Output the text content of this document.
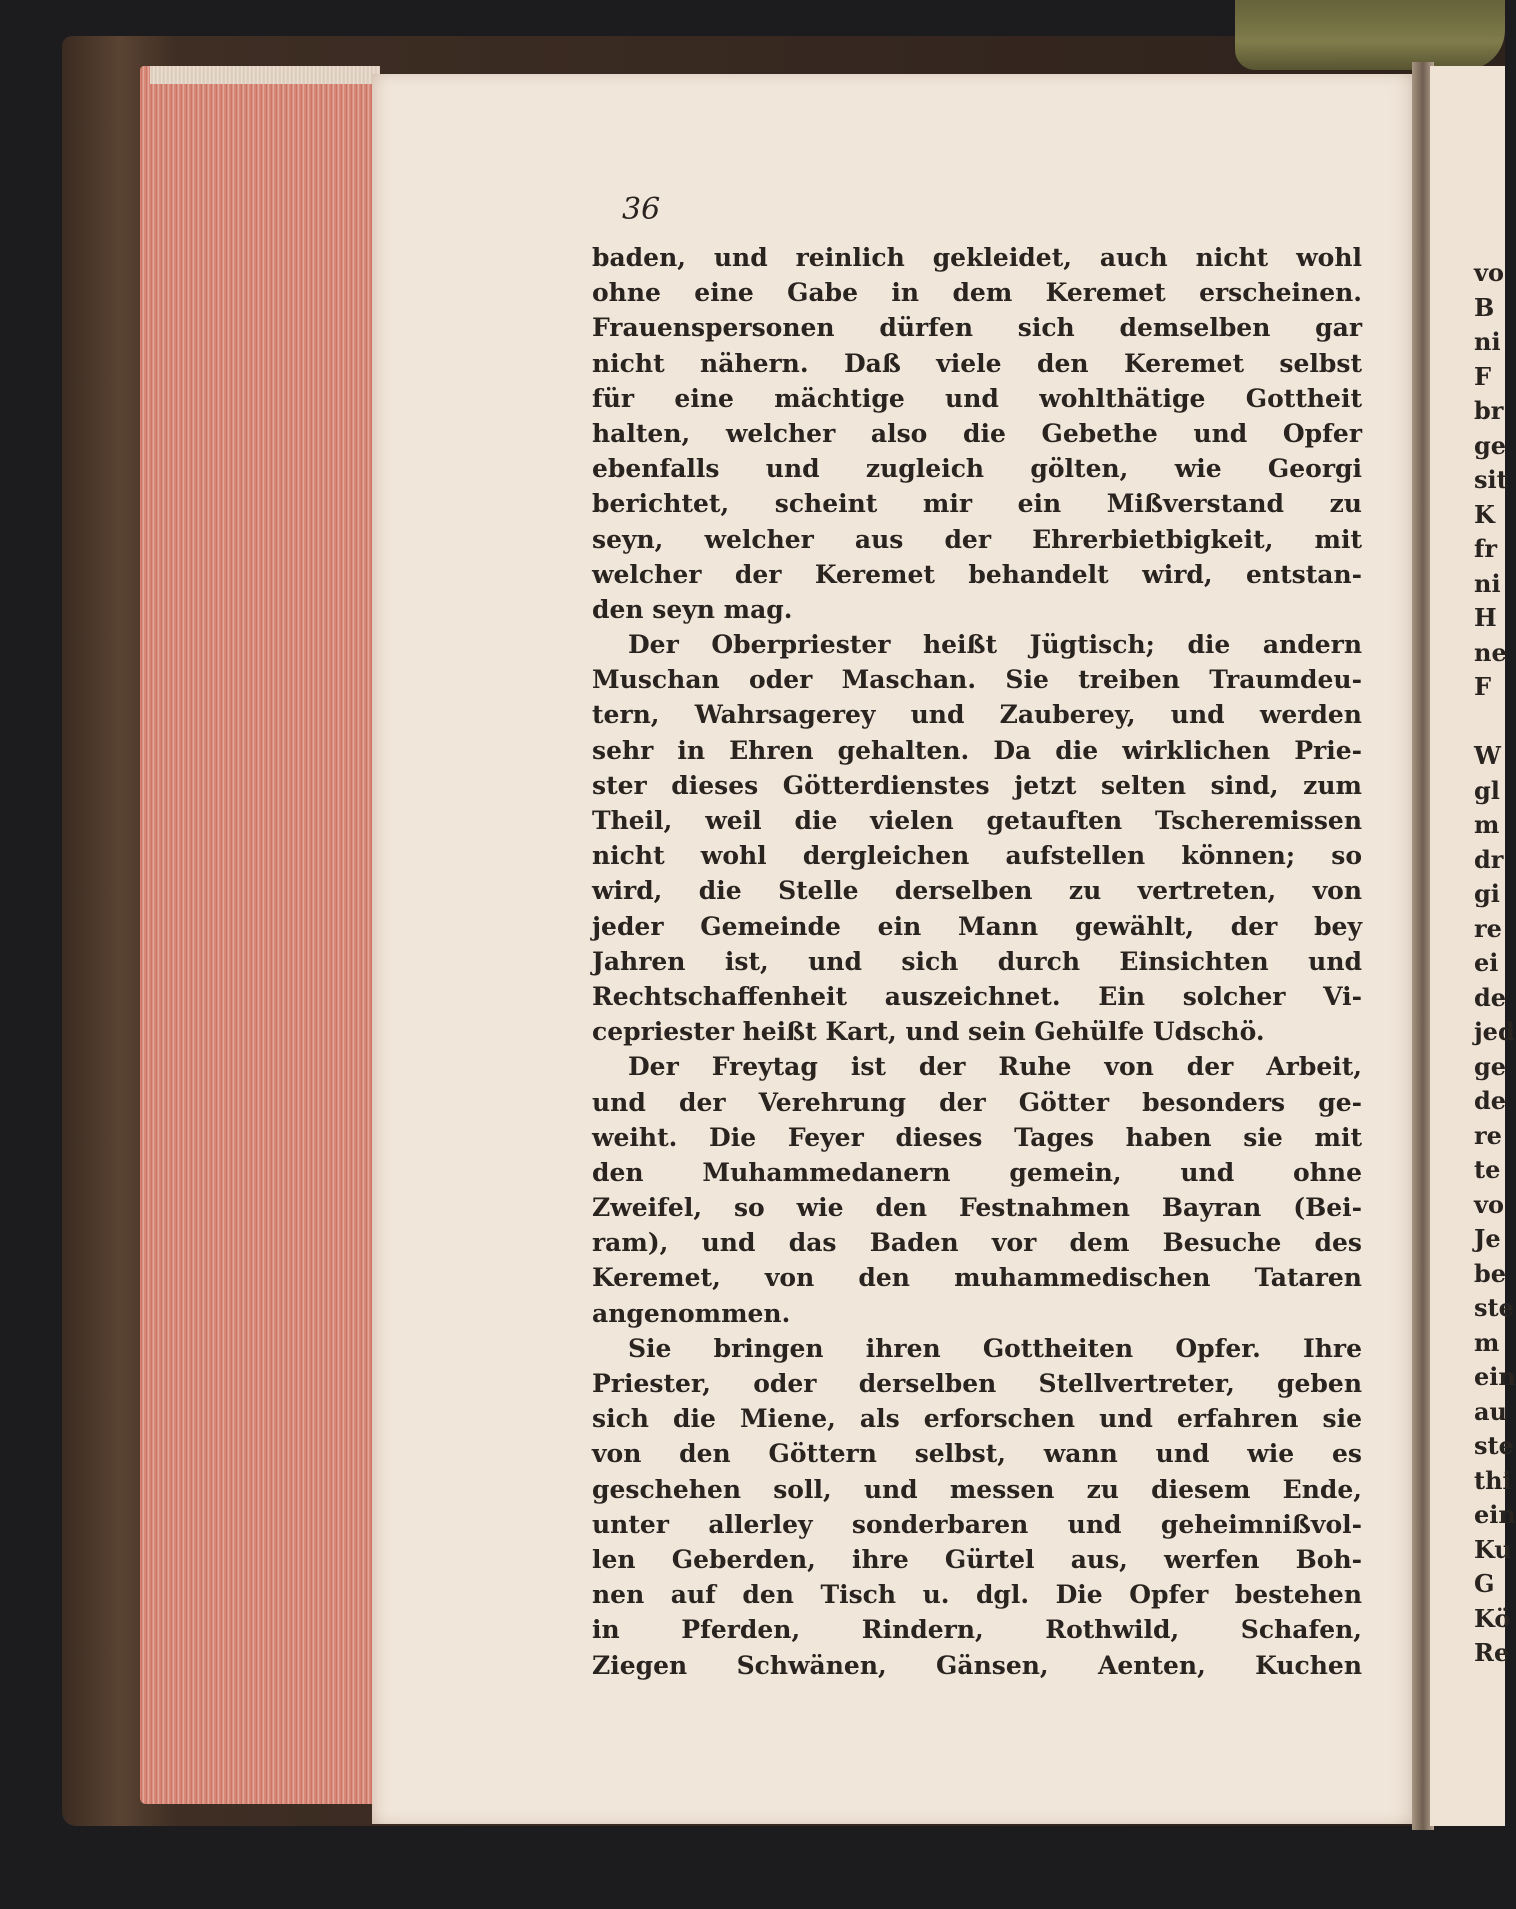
36
baden, und reinlich gekleidet, auch nicht wohl
ohne eine Gabe in dem Keremet erscheinen.
Frauenspersonen dürfen sich demselben gar
nicht nähern. Daß viele den Keremet selbst
für eine mächtige und wohlthätige Gottheit
halten, welcher also die Gebethe und Opfer
ebenfalls und zugleich gölten, wie Georgi
berichtet, scheint mir ein Mißverstand zu
seyn, welcher aus der Ehrerbietbigkeit, mit
welcher der Keremet behandelt wird, entstan-
den seyn mag.
Der Oberpriester heißt Jügtisch; die andern
Muschan oder Maschan. Sie treiben Traumdeu-
tern, Wahrsagerey und Zauberey, und werden
sehr in Ehren gehalten. Da die wirklichen Prie-
ster dieses Götterdienstes jetzt selten sind, zum
Theil, weil die vielen getauften Tscheremissen
nicht wohl dergleichen aufstellen können; so
wird, die Stelle derselben zu vertreten, von
jeder Gemeinde ein Mann gewählt, der bey
Jahren ist, und sich durch Einsichten und
Rechtschaffenheit auszeichnet. Ein solcher Vi-
cepriester heißt Kart, und sein Gehülfe Udschö.
Der Freytag ist der Ruhe von der Arbeit,
und der Verehrung der Götter besonders ge-
weiht. Die Feyer dieses Tages haben sie mit
den Muhammedanern gemein, und ohne
Zweifel, so wie den Festnahmen Bayran (Bei-
ram), und das Baden vor dem Besuche des
Keremet, von den muhammedischen Tataren
angenommen.
Sie bringen ihren Gottheiten Opfer. Ihre
Priester, oder derselben Stellvertreter, geben
sich die Miene, als erforschen und erfahren sie
von den Göttern selbst, wann und wie es
geschehen soll, und messen zu diesem Ende,
unter allerley sonderbaren und geheimnißvol-
len Geberden, ihre Gürtel aus, werfen Boh-
nen auf den Tisch u. dgl. Die Opfer bestehen
in Pferden, Rindern, Rothwild, Schafen,
Ziegen Schwänen, Gänsen, Aenten, Kuchen
vo
B
ni
F
br
ge
sit
K
fr
ni
H
ne
F
W
gl
m
dr
gi
re
ei
de
jed
ge
de
re
te
vo
Je
be
ste
m
ein
au
ste
thi
ein
Ku
G
Kö
Re
